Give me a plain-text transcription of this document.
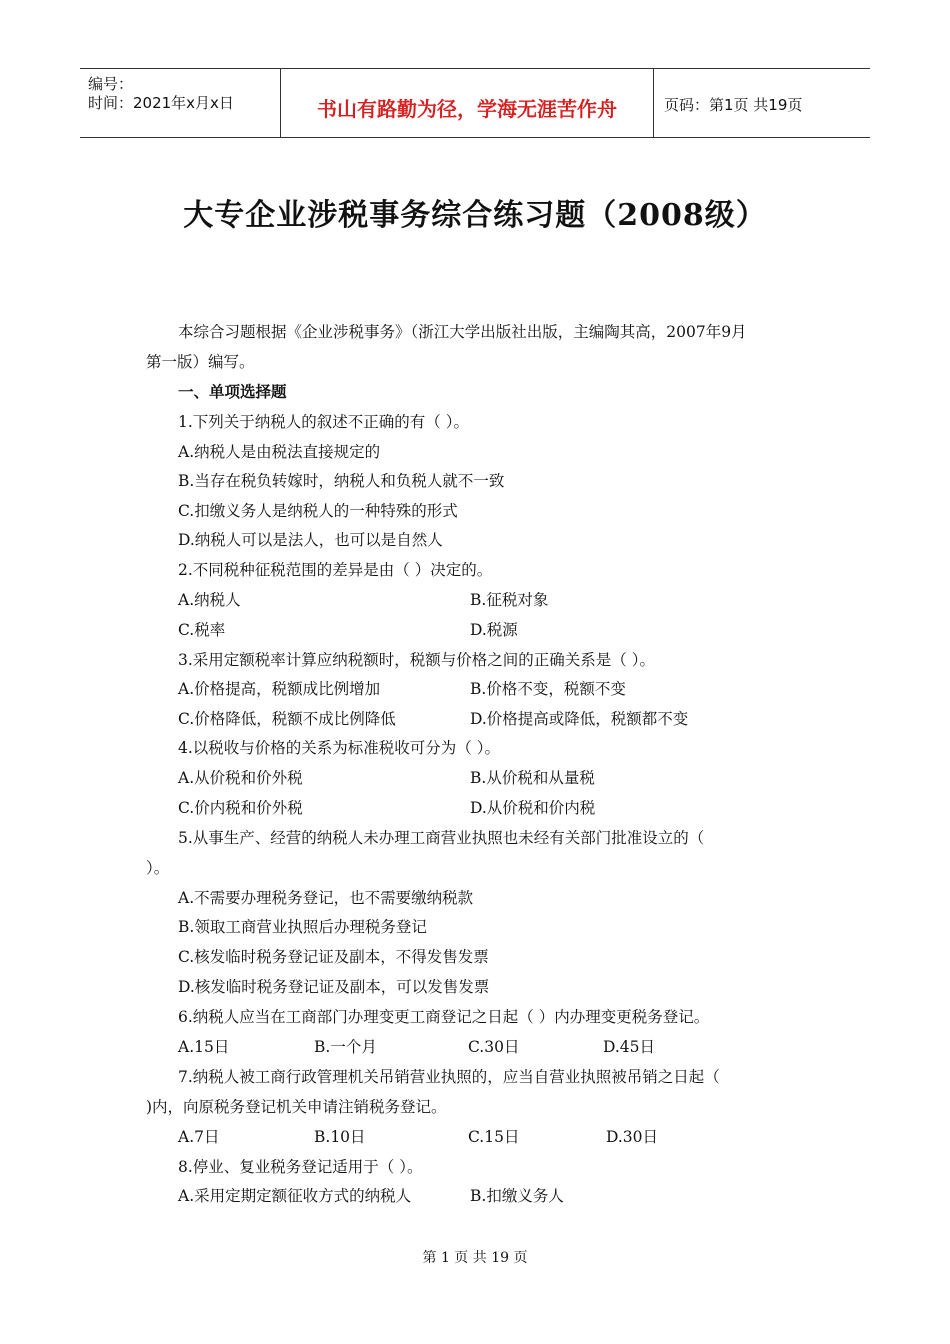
编号：
时间：2021年x月x日	书山有路勤为径，学海无涯苦作舟	页码：第1页 共19页
大专企业涉税事务综合练习题（2008级）
本综合习题根据《企业涉税事务》（浙江大学出版社出版，主编陶其高，2007年9月
第一版）编写。
一、单项选择题
1.下列关于纳税人的叙述不正确的有（ ）。
A.纳税人是由税法直接规定的
B.当存在税负转嫁时，纳税人和负税人就不一致
C.扣缴义务人是纳税人的一种特殊的形式
D.纳税人可以是法人，也可以是自然人
2.不同税种征税范围的差异是由（ ）决定的。
A.纳税人	B.征税对象
C.税率	D.税源
3.采用定额税率计算应纳税额时，税额与价格之间的正确关系是（ ）。
A.价格提高，税额成比例增加	B.价格不变，税额不变
C.价格降低，税额不成比例降低	D.价格提高或降低，税额都不变
4.以税收与价格的关系为标准税收可分为（ ）。
A.从价税和价外税	B.从价税和从量税
C.价内税和价外税	D.从价税和价内税
5.从事生产、经营的纳税人未办理工商营业执照也未经有关部门批准设立的（
）。
A.不需要办理税务登记，也不需要缴纳税款
B.领取工商营业执照后办理税务登记
C.核发临时税务登记证及副本，不得发售发票
D.核发临时税务登记证及副本，可以发售发票
6.纳税人应当在工商部门办理变更工商登记之日起（ ）内办理变更税务登记。
A.15日	B.一个月	C.30日	D.45日
7.纳税人被工商行政管理机关吊销营业执照的，应当自营业执照被吊销之日起（
)内，向原税务登记机关申请注销税务登记。
A.7日	B.10日	C.15日	D.30日
8.停业、复业税务登记适用于（ ）。
A.采用定期定额征收方式的纳税人	B.扣缴义务人
第 1 页 共 19 页
